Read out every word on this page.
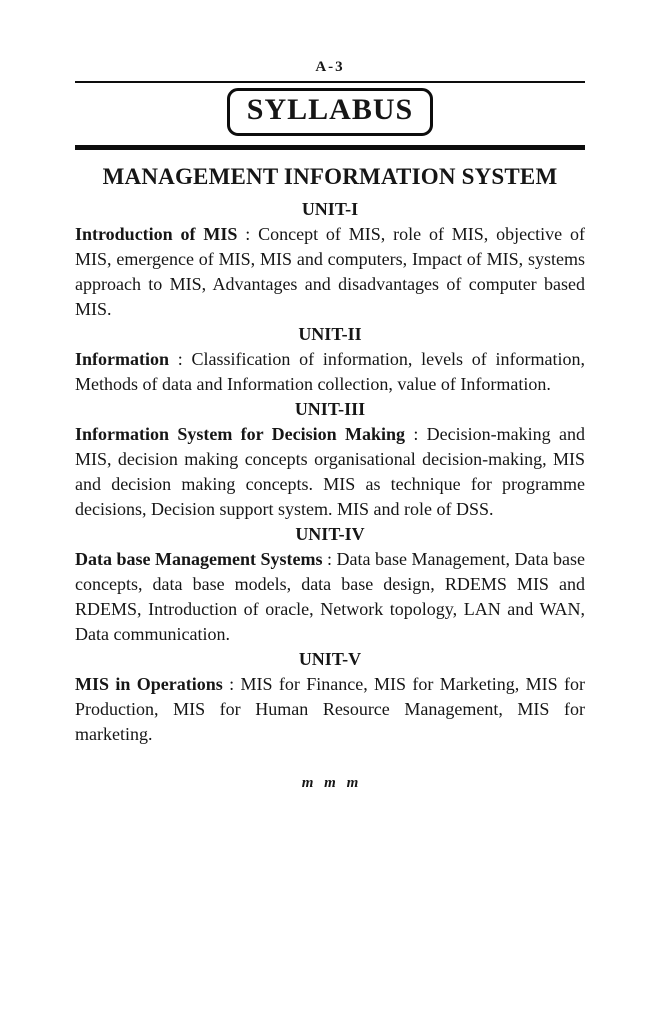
A-3
SYLLABUS
MANAGEMENT INFORMATION SYSTEM
UNIT-I

Introduction of MIS : Concept of MIS, role of MIS, objective of MIS, emergence of MIS, MIS and computers, Impact of MIS, systems approach to MIS, Advantages and disadvantages of computer based MIS.

UNIT-II

Information : Classification of information, levels of information, Methods of data and Information collection, value of Information.

UNIT-III

Information System for Decision Making : Decision-making and MIS, decision making concepts organisational decision-making, MIS and decision making concepts. MIS as technique for programme decisions, Decision support system. MIS and role of DSS.

UNIT-IV

Data base Management Systems : Data base Management, Data base concepts, data base models, data base design, RDEMS MIS and RDEMS, Introduction of oracle, Network topology, LAN and WAN, Data communication.

UNIT-V

MIS in Operations : MIS for Finance, MIS for Marketing, MIS for Production, MIS for Human Resource Management, MIS for marketing.

m m m
